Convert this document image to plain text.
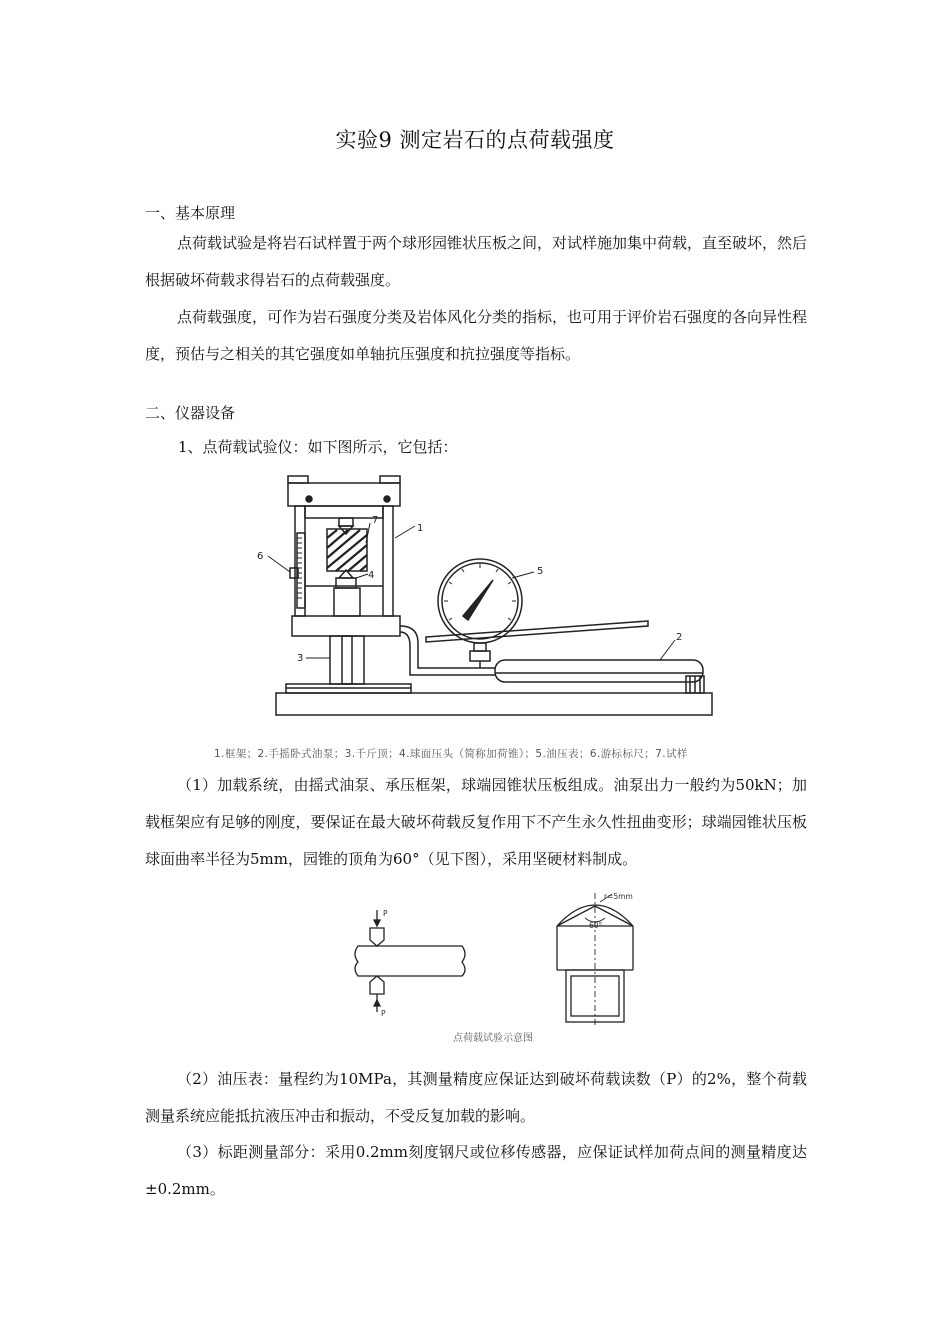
实验9 测定岩石的点荷载强度
一、基本原理

点荷载试验是将岩石试样置于两个球形园锥状压板之间，对试样施加集中荷载，直至破坏，然后根据破坏荷载求得岩石的点荷载强度。

点荷载强度，可作为岩石强度分类及岩体风化分类的指标，也可用于评价岩石强度的各向异性程度，预估与之相关的其它强度如单轴抗压强度和抗拉强度等指标。

二、仪器设备
1、点荷载试验仪：如下图所示，它包括：
7
1
6
4	5
3
2
1.框架；2.手摇卧式油泵；3.千斤顶；4.球面压头（简称加荷锥）；5.油压表；6.游标标尺；7.试样

（1）加载系统，由摇式油泵、承压框架，球端园锥状压板组成。油泵出力一般约为50kN；加载框架应有足够的刚度，要保证在最大破坏荷载反复作用下不产生永久性扭曲变形；球端园锥状压板球面曲率半径为5mm，园锥的顶角为60°（见下图），采用坚硬材料制成。

P
P
r=5mm
60°
点荷载试验示意图

（2）油压表：量程约为10MPa，其测量精度应保证达到破坏荷载读数（P）的2%，整个荷载测量系统应能抵抗液压冲击和振动，不受反复加载的影响。

（3）标距测量部分：采用0.2mm刻度钢尺或位移传感器，应保证试样加荷点间的测量精度达±0.2mm。
